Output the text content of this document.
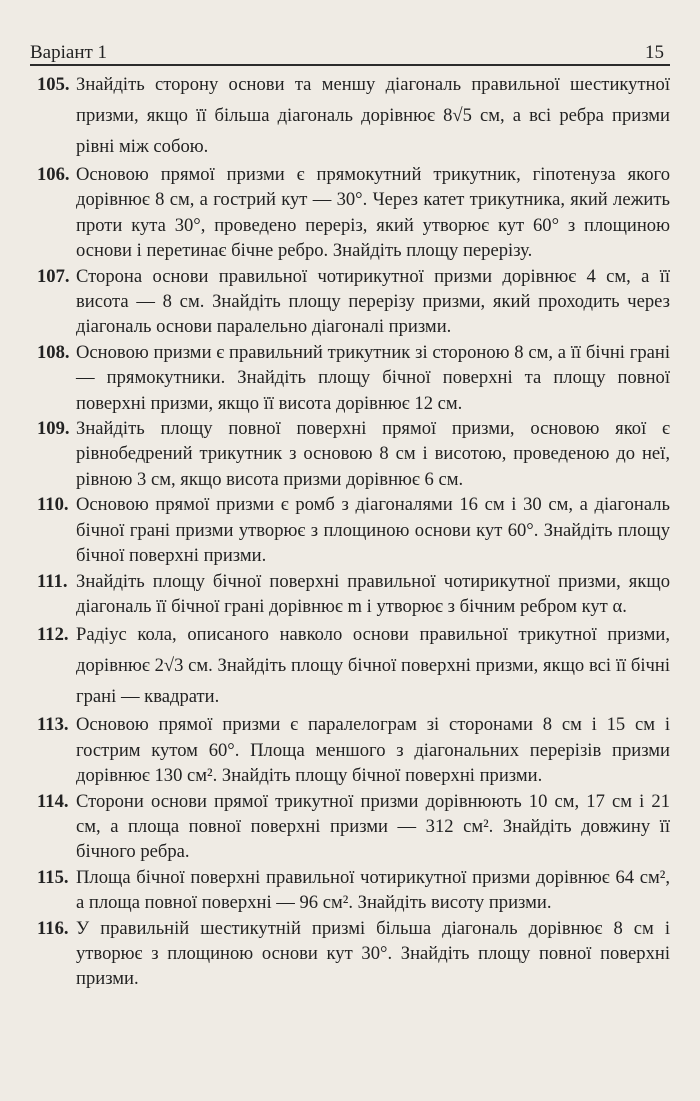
Варіант 1	15
105. Знайдіть сторону основи та меншу діагональ правильної шестикутної призми, якщо її більша діагональ дорівнює 8√5 см, а всі ребра призми рівні між собою.
106. Основою прямої призми є прямокутний трикутник, гіпотенуза якого дорівнює 8 см, а гострий кут — 30°. Через катет трикутника, який лежить проти кута 30°, проведено переріз, який утворює кут 60° з площиною основи і перетинає бічне ребро. Знайдіть площу перерізу.
107. Сторона основи правильної чотирикутної призми дорівнює 4 см, а її висота — 8 см. Знайдіть площу перерізу призми, який проходить через діагональ основи паралельно діагоналі призми.
108. Основою призми є правильний трикутник зі стороною 8 см, а її бічні грані — прямокутники. Знайдіть площу бічної поверхні та площу повної поверхні призми, якщо її висота дорівнює 12 см.
109. Знайдіть площу повної поверхні прямої призми, основою якої є рівнобедрений трикутник з основою 8 см і висотою, проведеною до неї, рівною 3 см, якщо висота призми дорівнює 6 см.
110. Основою прямої призми є ромб з діагоналями 16 см і 30 см, а діагональ бічної грані призми утворює з площиною основи кут 60°. Знайдіть площу бічної поверхні призми.
111. Знайдіть площу бічної поверхні правильної чотирикутної призми, якщо діагональ її бічної грані дорівнює m і утворює з бічним ребром кут α.
112. Радіус кола, описаного навколо основи правильної трикутної призми, дорівнює 2√3 см. Знайдіть площу бічної поверхні призми, якщо всі її бічні грані — квадрати.
113. Основою прямої призми є паралелограм зі сторонами 8 см і 15 см і гострим кутом 60°. Площа меншого з діагональних перерізів призми дорівнює 130 см². Знайдіть площу бічної поверхні призми.
114. Сторони основи прямої трикутної призми дорівнюють 10 см, 17 см і 21 см, а площа повної поверхні призми — 312 см². Знайдіть довжину її бічного ребра.
115. Площа бічної поверхні правильної чотирикутної призми дорівнює 64 см², а площа повної поверхні — 96 см². Знайдіть висоту призми.
116. У правильній шестикутній призмі більша діагональ дорівнює 8 см і утворює з площиною основи кут 30°. Знайдіть площу повної поверхні призми.
